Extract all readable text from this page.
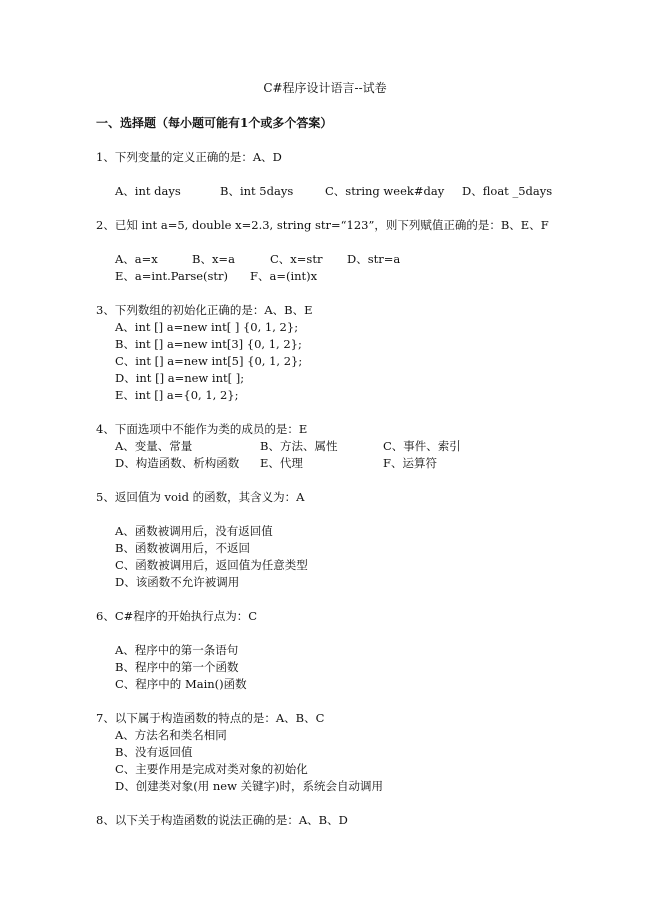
C#程序设计语言--试卷
一、选择题（每小题可能有1个或多个答案）
1、下列变量的定义正确的是：A、D
A、int days	B、int 5days	C、string week#day D、float _5days
2、已知 int a=5, double x=2.3, string str=“123”，则下列赋值正确的是：B、E、F
A、a=x	B、x=a	C、x=str D、str=a
E、a=int.Parse(str) F、a=(int)x
3、下列数组的初始化正确的是：A、B、E
A、int [] a=new int[ ] {0, 1, 2};
B、int [] a=new int[3] {0, 1, 2};
C、int [] a=new int[5] {0, 1, 2};
D、int [] a=new int[ ];
E、int [] a={0, 1, 2};
4、下面选项中不能作为类的成员的是：E
A、变量、常量	B、方法、属性	C、事件、索引
D、构造函数、析构函数 E、代理	F、运算符
5、返回值为 void 的函数，其含义为：A
A、函数被调用后，没有返回值
B、函数被调用后，不返回
C、函数被调用后，返回值为任意类型
D、该函数不允许被调用
6、C#程序的开始执行点为：C
A、程序中的第一条语句
B、程序中的第一个函数
C、程序中的 Main()函数
7、以下属于构造函数的特点的是：A、B、C
A、方法名和类名相同
B、没有返回值
C、主要作用是完成对类对象的初始化
D、创建类对象(用 new 关键字)时，系统会自动调用
8、以下关于构造函数的说法正确的是：A、B、D
